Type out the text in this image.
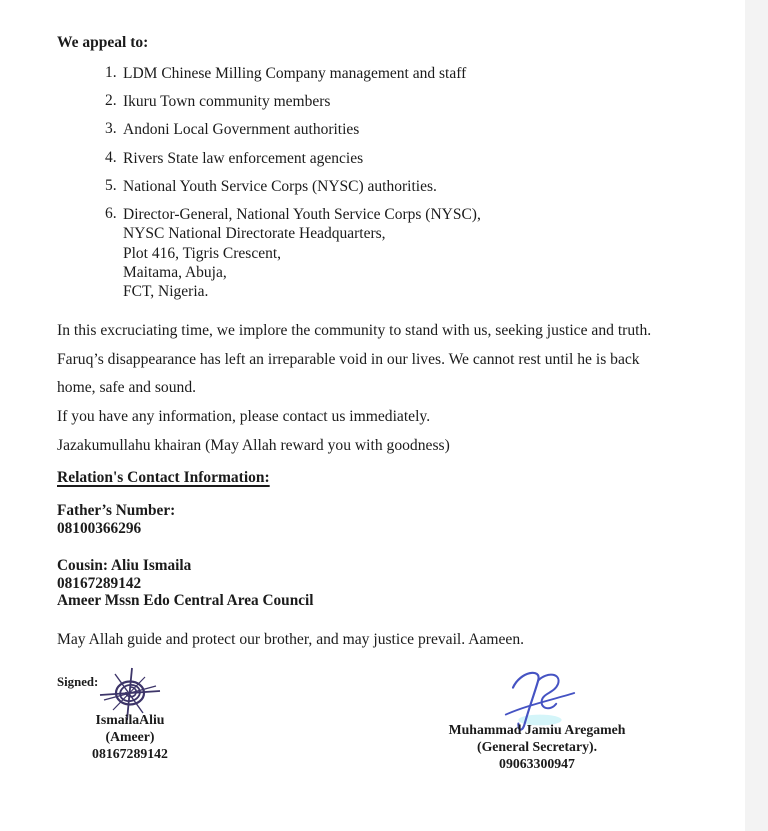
We appeal to:

1. LDM Chinese Milling Company management and staff
2. Ikuru Town community members
3. Andoni Local Government authorities
4. Rivers State law enforcement agencies
5. National Youth Service Corps (NYSC) authorities.
6. Director-General, National Youth Service Corps (NYSC),
NYSC National Directorate Headquarters,
Plot 416, Tigris Crescent,
Maitama, Abuja,
FCT, Nigeria.

In this excruciating time, we implore the community to stand with us, seeking justice and truth. Faruq’s disappearance has left an irreparable void in our lives. We cannot rest until he is back home, safe and sound.

If you have any information, please contact us immediately.

Jazakumullahu khairan (May Allah reward you with goodness)

Relation's Contact Information:

Father’s Number:
08100366296
Cousin: Aliu Ismaila
08167289142
Ameer Mssn Edo Central Area Council

May Allah guide and protect our brother, and may justice prevail. Aameen.

Signed:

IsmailaAliu
(Ameer)
08167289142
Muhammad Jamiu Aregameh
(General Secretary).
09063300947
